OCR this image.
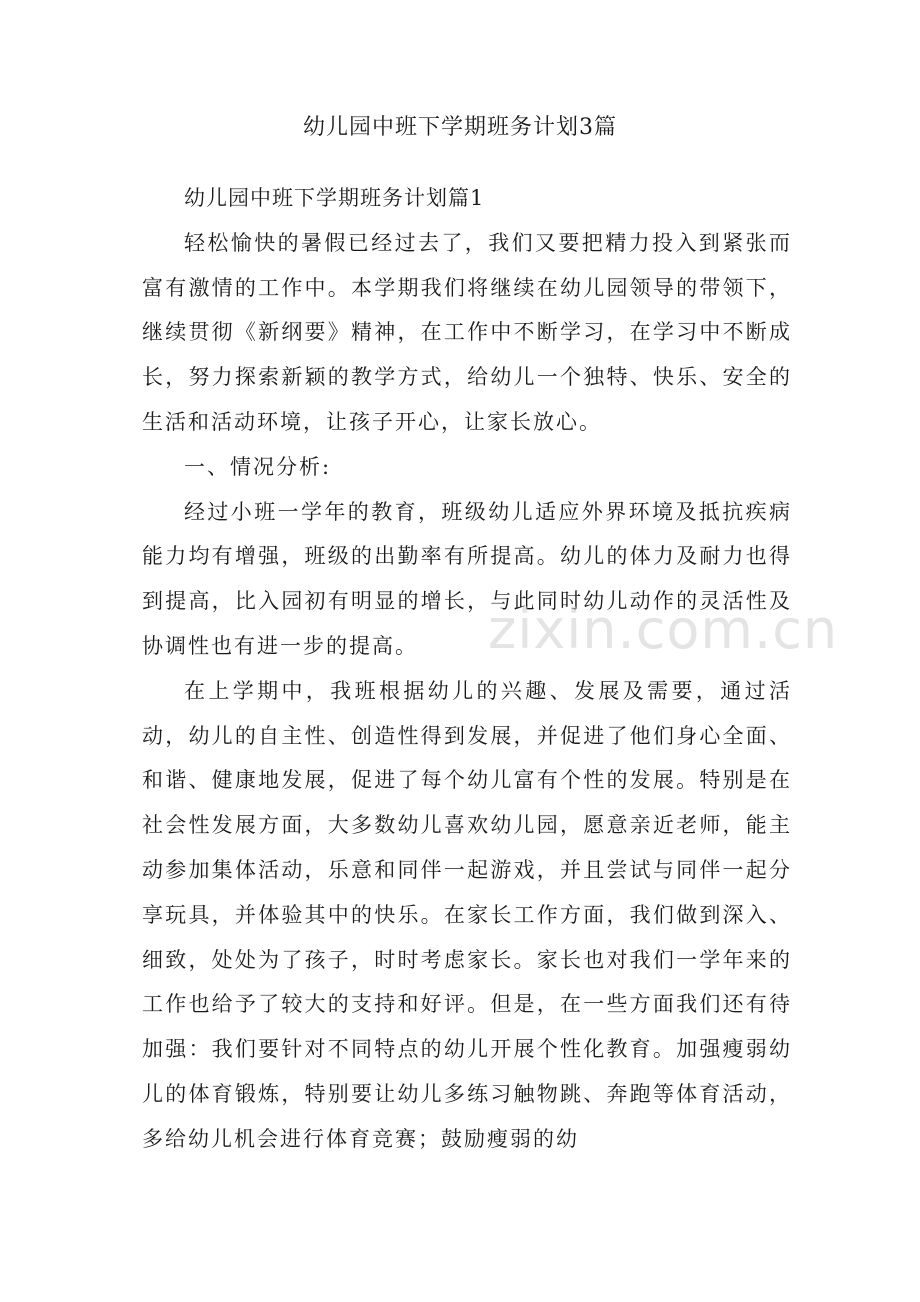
幼儿园中班下学期班务计划3篇

幼儿园中班下学期班务计划篇1

轻松愉快的暑假已经过去了，我们又要把精力投入到紧张而富有激情的工作中。本学期我们将继续在幼儿园领导的带领下，继续贯彻《新纲要》精神，在工作中不断学习，在学习中不断成长，努力探索新颖的教学方式，给幼儿一个独特、快乐、安全的生活和活动环境，让孩子开心，让家长放心。

一、情况分析:

经过小班一学年的教育，班级幼儿适应外界环境及抵抗疾病能力均有增强，班级的出勤率有所提高。幼儿的体力及耐力也得到提高，比入园初有明显的增长，与此同时幼儿动作的灵活性及协调性也有进一步的提高。

在上学期中，我班根据幼儿的兴趣、发展及需要，通过活动，幼儿的自主性、创造性得到发展，并促进了他们身心全面、和谐、健康地发展，促进了每个幼儿富有个性的发展。特别是在社会性发展方面，大多数幼儿喜欢幼儿园，愿意亲近老师，能主动参加集体活动，乐意和同伴一起游戏，并且尝试与同伴一起分享玩具，并体验其中的快乐。在家长工作方面，我们做到深入、细致，处处为了孩子，时时考虑家长。家长也对我们一学年来的工作也给予了较大的支持和好评。但是，在一些方面我们还有待加强：我们要针对不同特点的幼儿开展个性化教育。加强瘦弱幼儿的体育锻炼，特别要让幼儿多练习触物跳、奔跑等体育活动，多给幼儿机会进行体育竞赛；鼓励瘦弱的幼

zixin.com.cn
